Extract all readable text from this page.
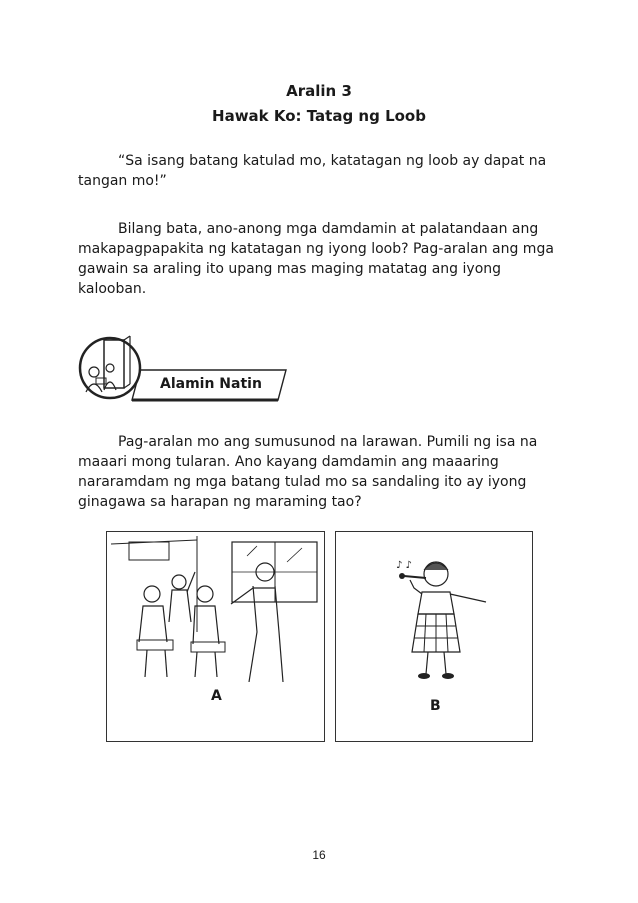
Aralin 3
Hawak Ko: Tatag ng Loob

“Sa isang batang katulad mo, katatagan ng loob ay dapat na tangan mo!”

Bilang bata, ano-anong mga damdamin at palatandaan ang makapagpapakita ng katatagan ng iyong loob? Pag-aralan ang mga gawain sa araling ito upang mas maging matatag ang iyong kalooban.

Alamin Natin

Pag-aralan mo ang sumusunod na larawan. Pumili ng isa na maaari mong tularan. Ano kayang damdamin ang maaaring nararamdam ng mga batang tulad mo sa sandaling ito ay iyong ginagawa sa harapan ng maraming tao?

A
♪ ♪
B
16
